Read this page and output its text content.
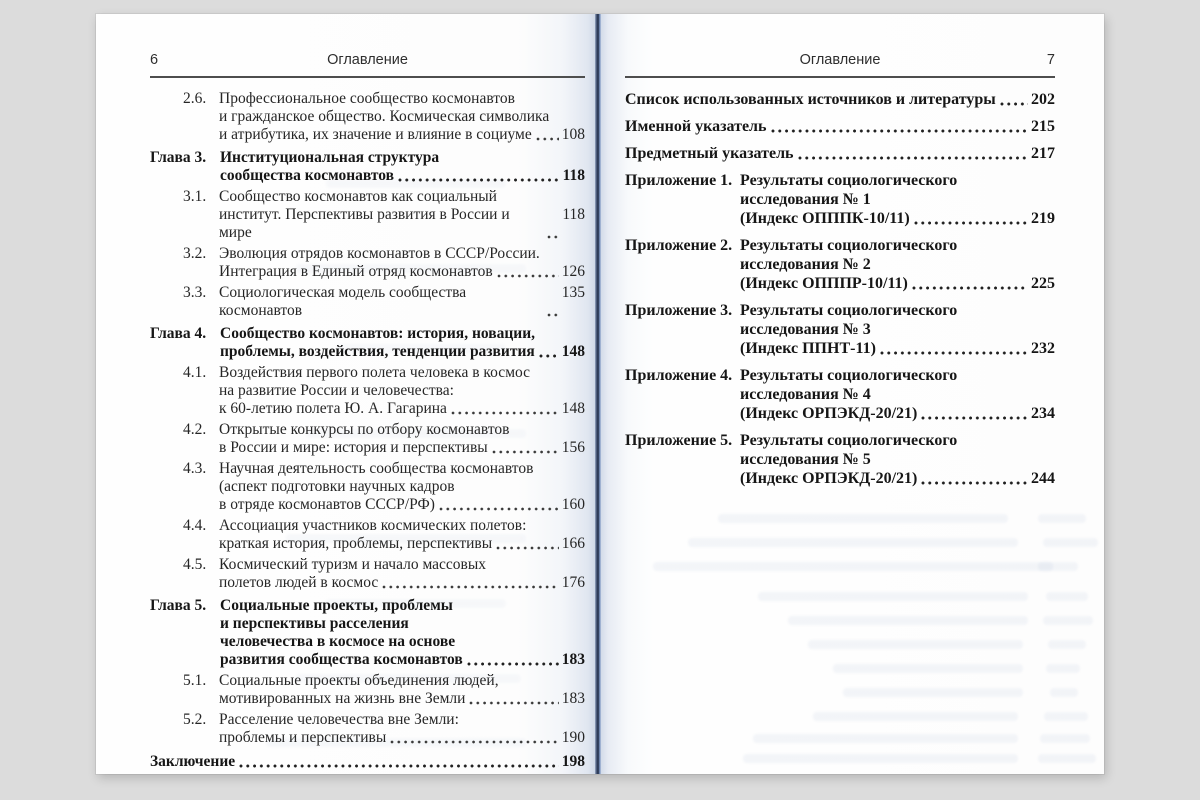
6	Оглавление
2.6. Профессиональное сообщество космонавтов
и гражданское общество. Космическая символика
и атрибутика, их значение и влияние в социуме 108
Глава 3. Институциональная структура
сообщества космонавтов	118
3.1. Сообщество космонавтов как социальный
институт. Перспективы развития в России и мире
118
3.2. Эволюция отрядов космонавтов в СССР/России.
Интеграция в Единый отряд космонавтов	126
3.3. Социологическая модель сообщества космонавтов
135
Глава 4. Сообщество космонавтов: история, новации,
проблемы, воздействия, тенденции развития 148
4.1. Воздействия первого полета человека в космос
на развитие России и человечества:
к 60-летию полета Ю. А. Гагарина	148
4.2. Открытые конкурсы по отбору космонавтов
в России и мире: история и перспективы	156
4.3. Научная деятельность сообщества космонавтов
(аспект подготовки научных кадров
в отряде космонавтов СССР/РФ)	160
4.4. Ассоциация участников космических полетов:
краткая история, проблемы, перспективы	166
4.5. Космический туризм и начало массовых
полетов людей в космос	176
Глава 5. Социальные проекты, проблемы
и перспективы расселения
человечества в космосе на основе
развития сообщества космонавтов	183
5.1. Социальные проекты объединения людей,
мотивированных на жизнь вне Земли	183
5.2. Расселение человечества вне Земли:
проблемы и перспективы	190
Заключение	198
Оглавление	7
Список использованных источников и литературы 202
Именной указатель	215
Предметный указатель	217
Приложение 1. Результаты социологического
исследования № 1
(Индекс ОПППК-10/11)	219
Приложение 2. Результаты социологического
исследования № 2
(Индекс ОПППР-10/11)	225
Приложение 3. Результаты социологического
исследования № 3
(Индекс ППНТ-11)	232
Приложение 4. Результаты социологического
исследования № 4
(Индекс ОРПЭКД-20/21)	234
Приложение 5. Результаты социологического
исследования № 5
(Индекс ОРПЭКД-20/21)	244
